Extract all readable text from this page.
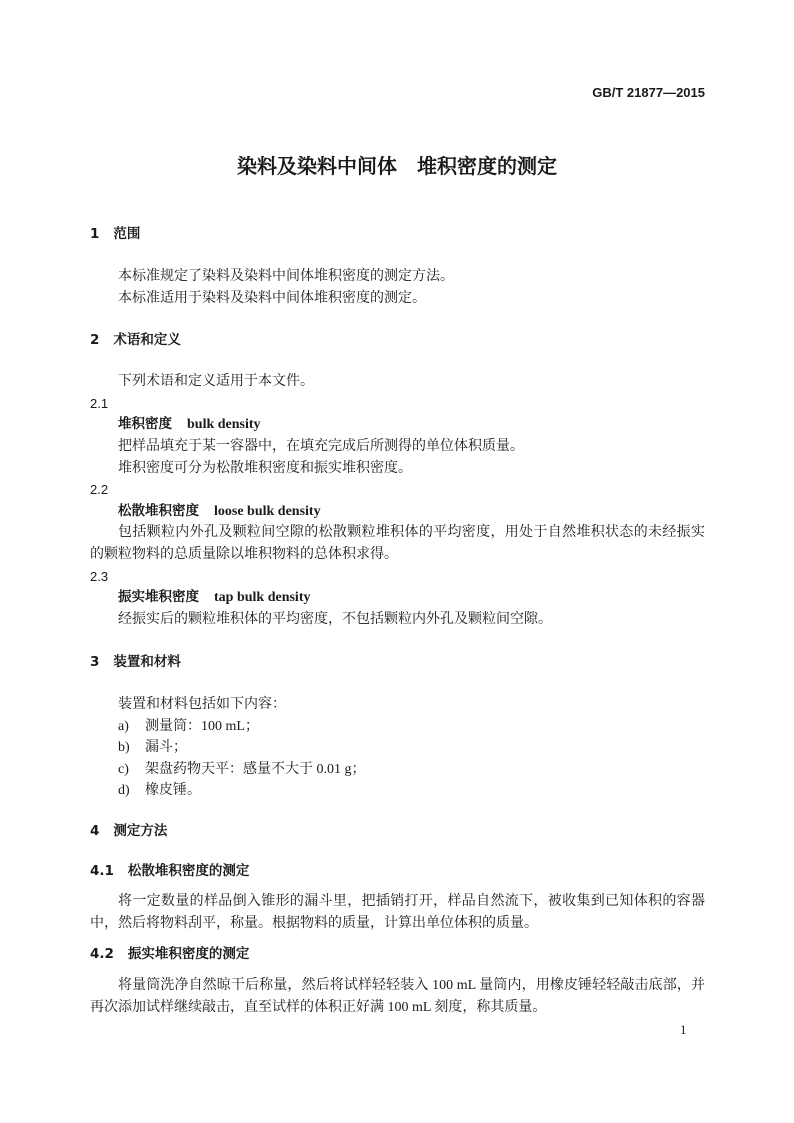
GB/T 21877—2015
染料及染料中间体　堆积密度的测定
1 范围
本标准规定了染料及染料中间体堆积密度的测定方法。
本标准适用于染料及染料中间体堆积密度的测定。
2 术语和定义
下列术语和定义适用于本文件。
2.1
堆积密度 bulk density
把样品填充于某一容器中，在填充完成后所测得的单位体积质量。
堆积密度可分为松散堆积密度和振实堆积密度。
2.2
松散堆积密度 loose bulk density
包括颗粒内外孔及颗粒间空隙的松散颗粒堆积体的平均密度，用处于自然堆积状态的未经振实的颗粒物料的总质量除以堆积物料的总体积求得。
2.3
振实堆积密度 tap bulk density
经振实后的颗粒堆积体的平均密度，不包括颗粒内外孔及颗粒间空隙。
3 装置和材料
装置和材料包括如下内容：
a) 测量筒：100 mL；
b) 漏斗；
c) 架盘药物天平：感量不大于 0.01 g；
d) 橡皮锤。
4 测定方法
4.1 松散堆积密度的测定
将一定数量的样品倒入锥形的漏斗里，把插销打开，样品自然流下，被收集到已知体积的容器中，然后将物料刮平，称量。根据物料的质量，计算出单位体积的质量。
4.2 振实堆积密度的测定
将量筒洗净自然晾干后称量，然后将试样轻轻装入 100 mL 量筒内，用橡皮锤轻轻敲击底部，并再次添加试样继续敲击，直至试样的体积正好满 100 mL 刻度，称其质量。
1
